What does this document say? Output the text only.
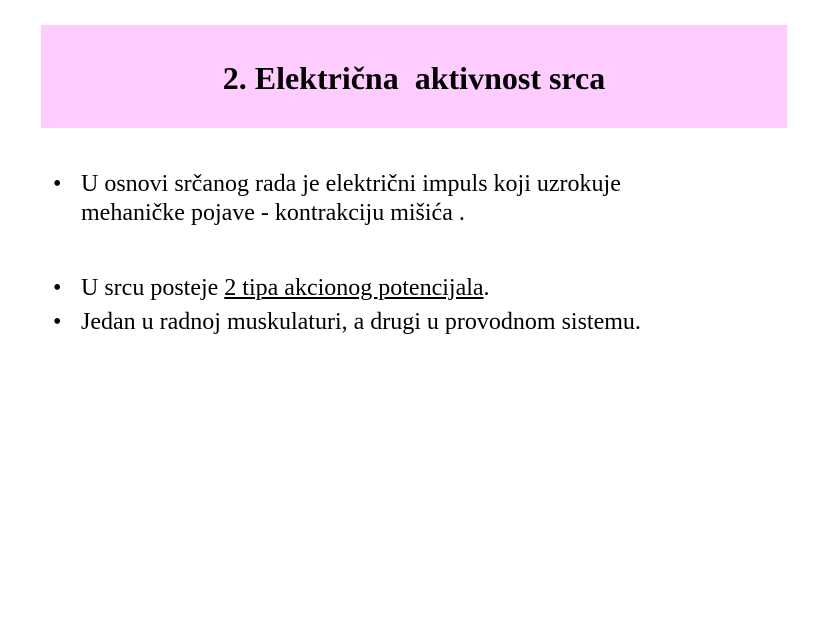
2. Električna  aktivnost srca
• U osnovi srčanog rada je električni impuls koji uzrokuje
mehaničke pojave - kontrakciju mišića .
• U srcu posteje 2 tipa akcionog potencijala.
• Jedan u radnoj muskulaturi, a drugi u provodnom sistemu.
